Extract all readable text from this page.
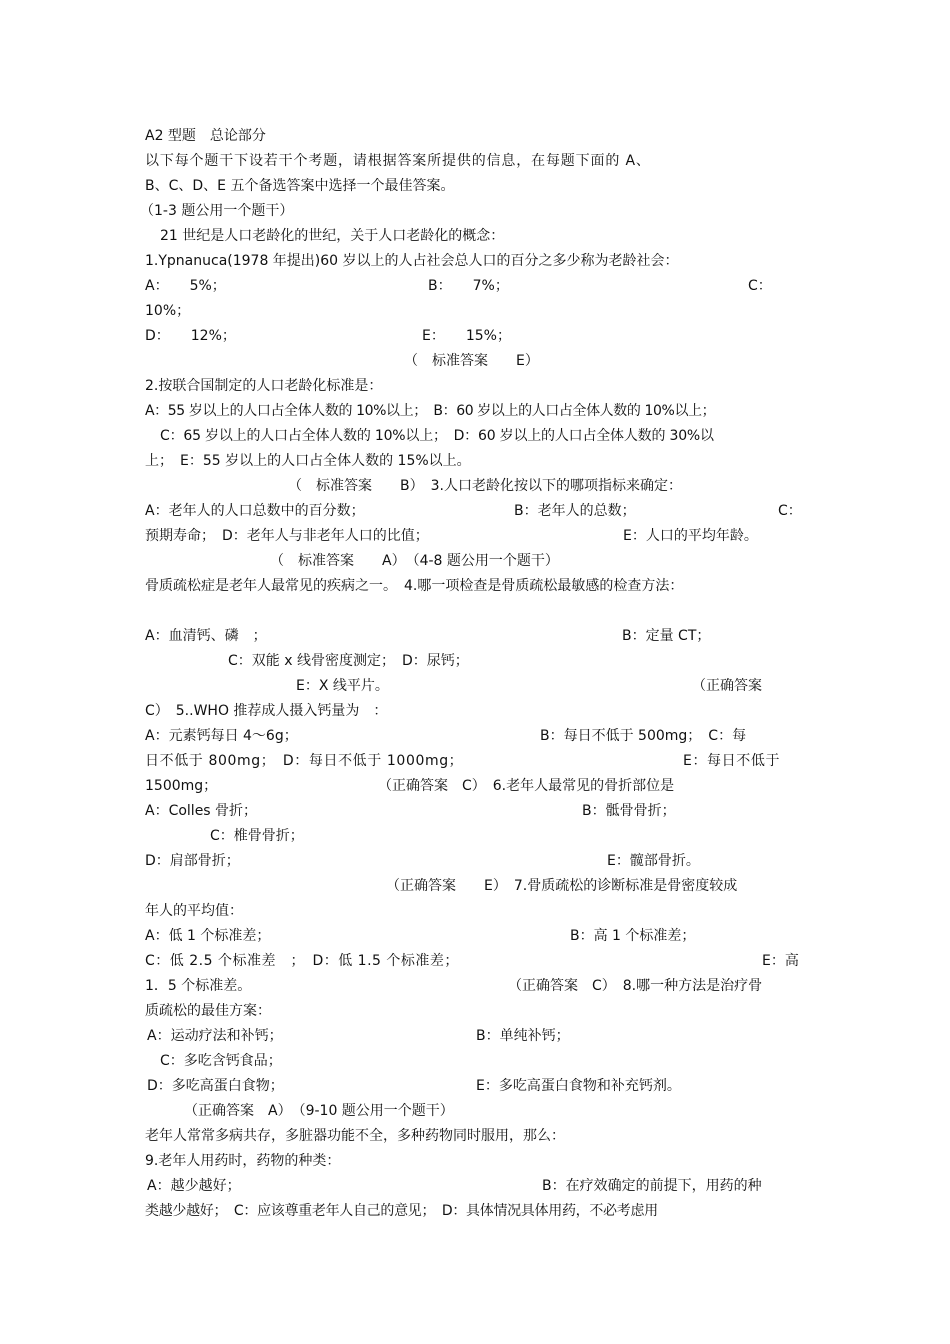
A2 型题　总论部分
以下每个题干下设若干个考题，请根据答案所提供的信息，在每题下面的 A、
B、C、D、E 五个备选答案中选择一个最佳答案。
（1-3 题公用一个题干）
21 世纪是人口老龄化的世纪，关于人口老龄化的概念：
1.Ypnanuca(1978 年提出)60 岁以上的人占社会总人口的百分之多少称为老龄社会：
A：　　5%；	B：　　7%；	C：
10%；
D：　　12%；	E：　　15%；
（　标准答案　　E）
2.按联合国制定的人口老龄化标准是：
A：55 岁以上的人口占全体人数的 10%以上；　B：60 岁以上的人口占全体人数的 10%以上；
C：65 岁以上的人口占全体人数的 10%以上；　D：60 岁以上的人口占全体人数的 30%以
上；　E：55 岁以上的人口占全体人数的 15%以上。
（　标准答案　　B）　3.人口老龄化按以下的哪项指标来确定：
A：老年人的人口总数中的百分数；	B：老年人的总数；	C：
预期寿命；　D：老年人与非老年人口的比值；	E：人口的平均年龄。
（　标准答案　　A）　（4-8 题公用一个题干）
骨质疏松症是老年人最常见的疾病之一。　4.哪一项检查是骨质疏松最敏感的检查方法：
A：血清钙、磷　；	B：定量 CT；
C：双能 x 线骨密度测定；　D：尿钙；
E：X 线平片。	（正确答案
C）　5..WHO 推荐成人摄入钙量为　：
A：元素钙每日 4～6g；	B：每日不低于 500mg；　C：每
日不低于 800mg；　D：每日不低于 1000mg；	E：每日不低于
1500mg；	（正确答案　C）　6.老年人最常见的骨折部位是
A：Colles 骨折；	B：骶骨骨折；
C：椎骨骨折；
D：肩部骨折；	E：髋部骨折。
（正确答案　　E）　7.骨质疏松的诊断标准是骨密度较成
年人的平均值：
A：低 1 个标准差；	B：高 1 个标准差；
C：低 2.5 个标准差　；　D：低 1.5 个标准差；	E：高
1．5 个标准差。	（正确答案　C）　8.哪一种方法是治疗骨
质疏松的最佳方案：
A：运动疗法和补钙；	B：单纯补钙；
C：多吃含钙食品；
D：多吃高蛋白食物；	E：多吃高蛋白食物和补充钙剂。
（正确答案　A）　（9-10 题公用一个题干）
老年人常常多病共存，多脏器功能不全，多种药物同时服用，那么：
9.老年人用药时，药物的种类：
A：越少越好；	B：在疗效确定的前提下，用药的种
类越少越好；　C：应该尊重老年人自己的意见；　D：具体情况具体用药，不必考虑用
